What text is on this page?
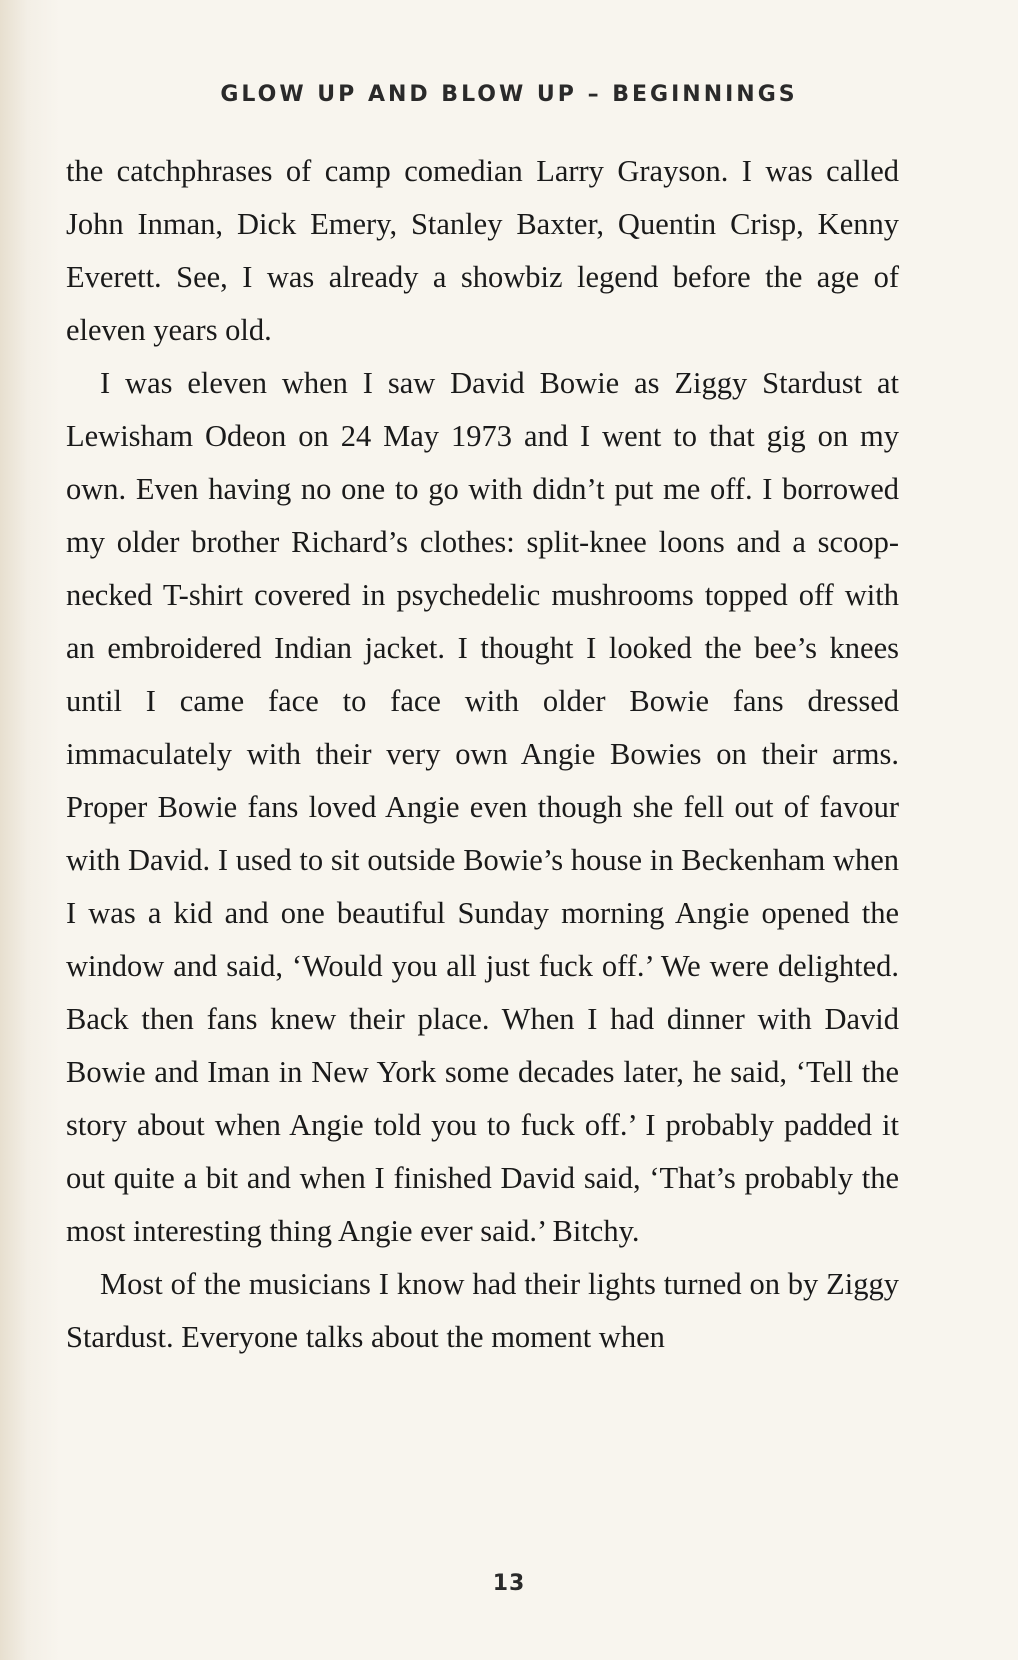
GLOW UP AND BLOW UP – BEGINNINGS

the catchphrases of camp comedian Larry Grayson. I was called John Inman, Dick Emery, Stanley Baxter, Quentin Crisp, Kenny Everett. See, I was already a showbiz legend before the age of eleven years old.

I was eleven when I saw David Bowie as Ziggy Stardust at Lewisham Odeon on 24 May 1973 and I went to that gig on my own. Even having no one to go with didn’t put me off. I borrowed my older brother Richard’s clothes: split-knee loons and a scoop-necked T-shirt covered in psychedelic mushrooms topped off with an embroidered Indian jacket. I thought I looked the bee’s knees until I came face to face with older Bowie fans dressed immaculately with their very own Angie Bowies on their arms. Proper Bowie fans loved Angie even though she fell out of favour with David. I used to sit outside Bowie’s house in Beckenham when I was a kid and one beautiful Sunday morning Angie opened the window and said, ‘Would you all just fuck off.’ We were delighted. Back then fans knew their place. When I had dinner with David Bowie and Iman in New York some decades later, he said, ‘Tell the story about when Angie told you to fuck off.’ I probably padded it out quite a bit and when I finished David said, ‘That’s probably the most interesting thing Angie ever said.’ Bitchy.

Most of the musicians I know had their lights turned on by Ziggy Stardust. Everyone talks about the moment when

13
